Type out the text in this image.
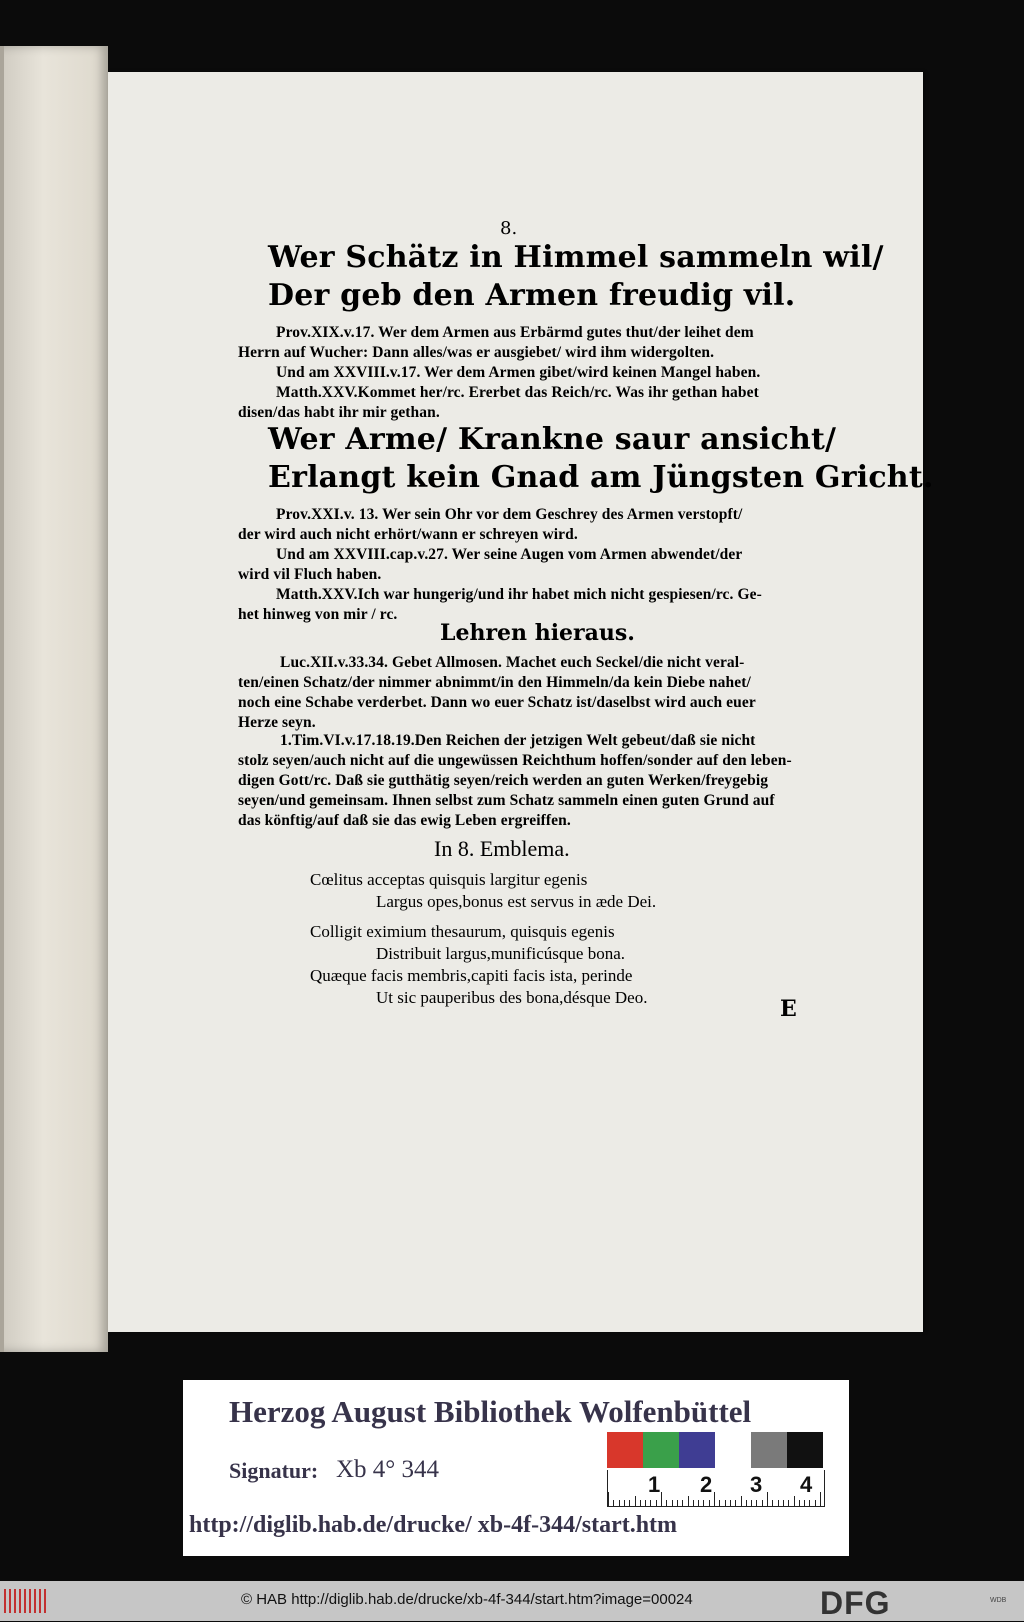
8.
Wer Schätz in Himmel sammeln wil/
Der geb den Armen freudig vil.
Prov.XIX.v.17. Wer dem Armen aus Erbärmd gutes thut/der leihet dem
Herrn auf Wucher: Dann alles/was er ausgiebet/ wird ihm widergolten.
Und am XXVIII.v.17. Wer dem Armen gibet/wird keinen Mangel haben.
Matth.XXV.Kommet her/rc. Ererbet das Reich/rc. Was ihr gethan habet
disen/das habt ihr mir gethan.
Wer Arme/ Krankne saur ansicht/
Erlangt kein Gnad am Jüngsten Gricht.
Prov.XXI.v. 13. Wer sein Ohr vor dem Geschrey des Armen verstopft/
der wird auch nicht erhört/wann er schreyen wird.
Und am XXVIII.cap.v.27. Wer seine Augen vom Armen abwendet/der
wird vil Fluch haben.
Matth.XXV.Ich war hungerig/und ihr habet mich nicht gespiesen/rc. Ge-
het hinweg von mir / rc.
Lehren hieraus.
Luc.XII.v.33.34. Gebet Allmosen. Machet euch Seckel/die nicht veral-
ten/einen Schatz/der nimmer abnimmt/in den Himmeln/da kein Diebe nahet/
noch eine Schabe verderbet. Dann wo euer Schatz ist/daselbst wird auch euer
Herze seyn.
1.Tim.VI.v.17.18.19.Den Reichen der jetzigen Welt gebeut/daß sie nicht
stolz seyen/auch nicht auf die ungewüssen Reichthum hoffen/sonder auf den leben-
digen Gott/rc. Daß sie gutthätig seyen/reich werden an guten Werken/freygebig
seyen/und gemeinsam. Ihnen selbst zum Schatz sammeln einen guten Grund auf
das könftig/auf daß sie das ewig Leben ergreiffen.
In 8. Emblema.
Cœlitus acceptas quisquis largitur egenis
Largus opes,bonus est servus in æde Dei.
Colligit eximium thesaurum, quisquis egenis
Distribuit largus,munificúsque bona.
Quæque facis membris,capiti facis ista, perinde
Ut sic pauperibus des bona,désque Deo.	E
Herzog August Bibliothek Wolfenbüttel
Signatur: Xb 4° 344
1 2 3 4
http://diglib.hab.de/drucke/ xb-4f-344/start.htm
© HAB http://diglib.hab.de/drucke/xb-4f-344/start.htm?image=00024	DFG	WDB
